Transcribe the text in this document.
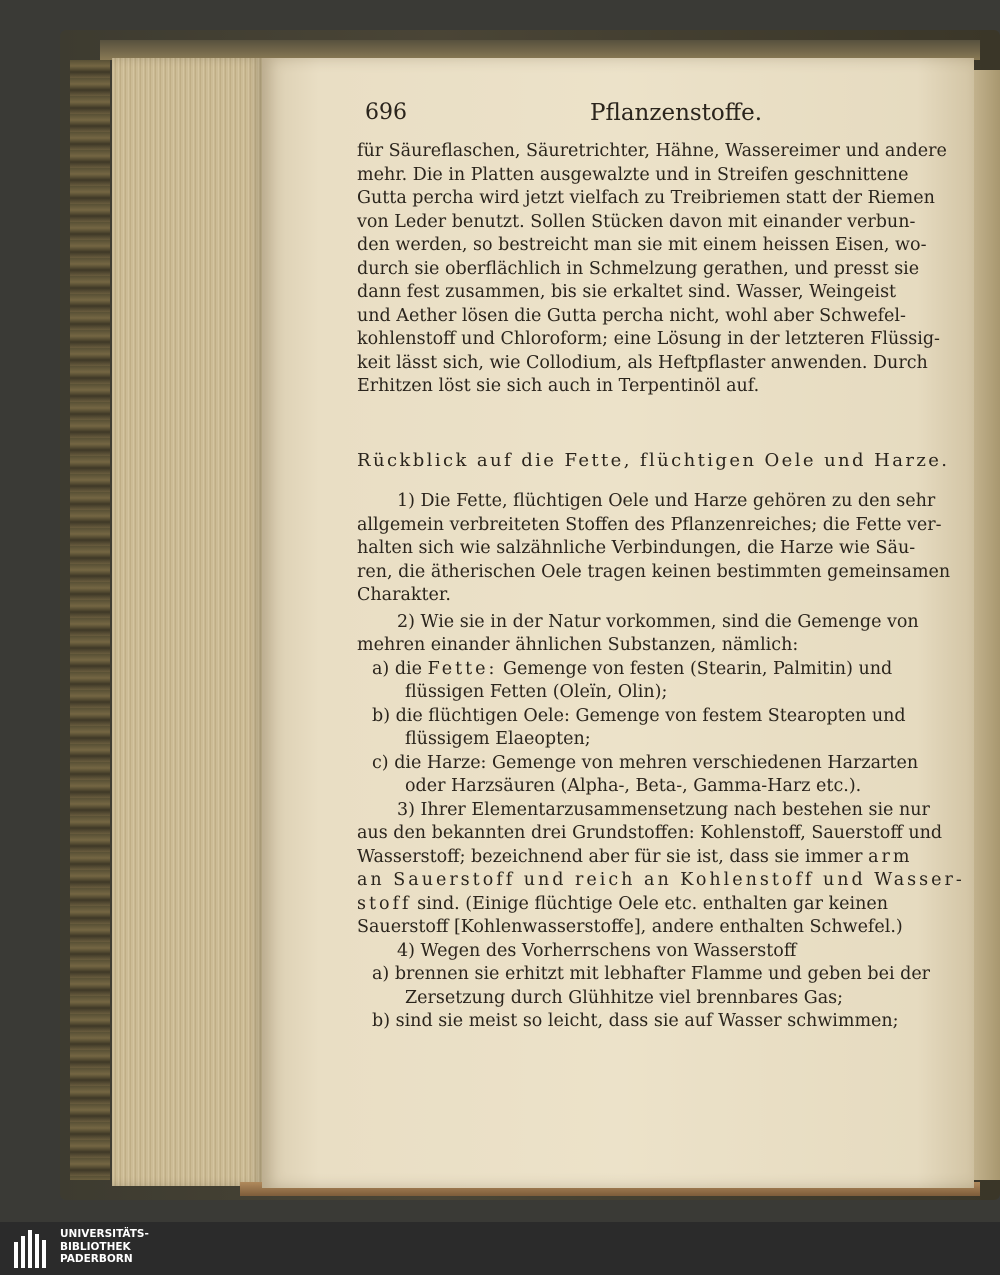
696	Pflanzenstoffe.
für Säureflaschen, Säuretrichter, Hähne, Wassereimer und andere
mehr. Die in Platten ausgewalzte und in Streifen geschnittene
Gutta percha wird jetzt vielfach zu Treibriemen statt der Riemen
von Leder benutzt. Sollen Stücken davon mit einander verbun-
den werden, so bestreicht man sie mit einem heissen Eisen, wo-
durch sie oberflächlich in Schmelzung gerathen, und presst sie
dann fest zusammen, bis sie erkaltet sind. Wasser, Weingeist
und Aether lösen die Gutta percha nicht, wohl aber Schwefel-
kohlenstoff und Chloroform; eine Lösung in der letzteren Flüssig-
keit lässt sich, wie Collodium, als Heftpflaster anwenden. Durch
Erhitzen löst sie sich auch in Terpentinöl auf.
Rückblick auf die Fette, flüchtigen Oele und Harze.
1) Die Fette, flüchtigen Oele und Harze gehören zu den sehr
allgemein verbreiteten Stoffen des Pflanzenreiches; die Fette ver-
halten sich wie salzähnliche Verbindungen, die Harze wie Säu-
ren, die ätherischen Oele tragen keinen bestimmten gemeinsamen
Charakter.
2) Wie sie in der Natur vorkommen, sind die Gemenge von
mehren einander ähnlichen Substanzen, nämlich:
a) die Fette: Gemenge von festen (Stearin, Palmitin) und
flüssigen Fetten (Oleïn, Olin);
b) die flüchtigen Oele: Gemenge von festem Stearopten und
flüssigem Elaeopten;
c) die Harze: Gemenge von mehren verschiedenen Harzarten
oder Harzsäuren (Alpha-, Beta-, Gamma-Harz etc.).
3) Ihrer Elementarzusammensetzung nach bestehen sie nur
aus den bekannten drei Grundstoffen: Kohlenstoff, Sauerstoff und
Wasserstoff; bezeichnend aber für sie ist, dass sie immer arm
an Sauerstoff und reich an Kohlenstoff und Wasser-
stoff sind. (Einige flüchtige Oele etc. enthalten gar keinen
Sauerstoff [Kohlenwasserstoffe], andere enthalten Schwefel.)
4) Wegen des Vorherrschens von Wasserstoff
a) brennen sie erhitzt mit lebhafter Flamme und geben bei der
Zersetzung durch Glühhitze viel brennbares Gas;
b) sind sie meist so leicht, dass sie auf Wasser schwimmen;
UNIVERSITÄTS-
BIBLIOTHEK
PADERBORN
